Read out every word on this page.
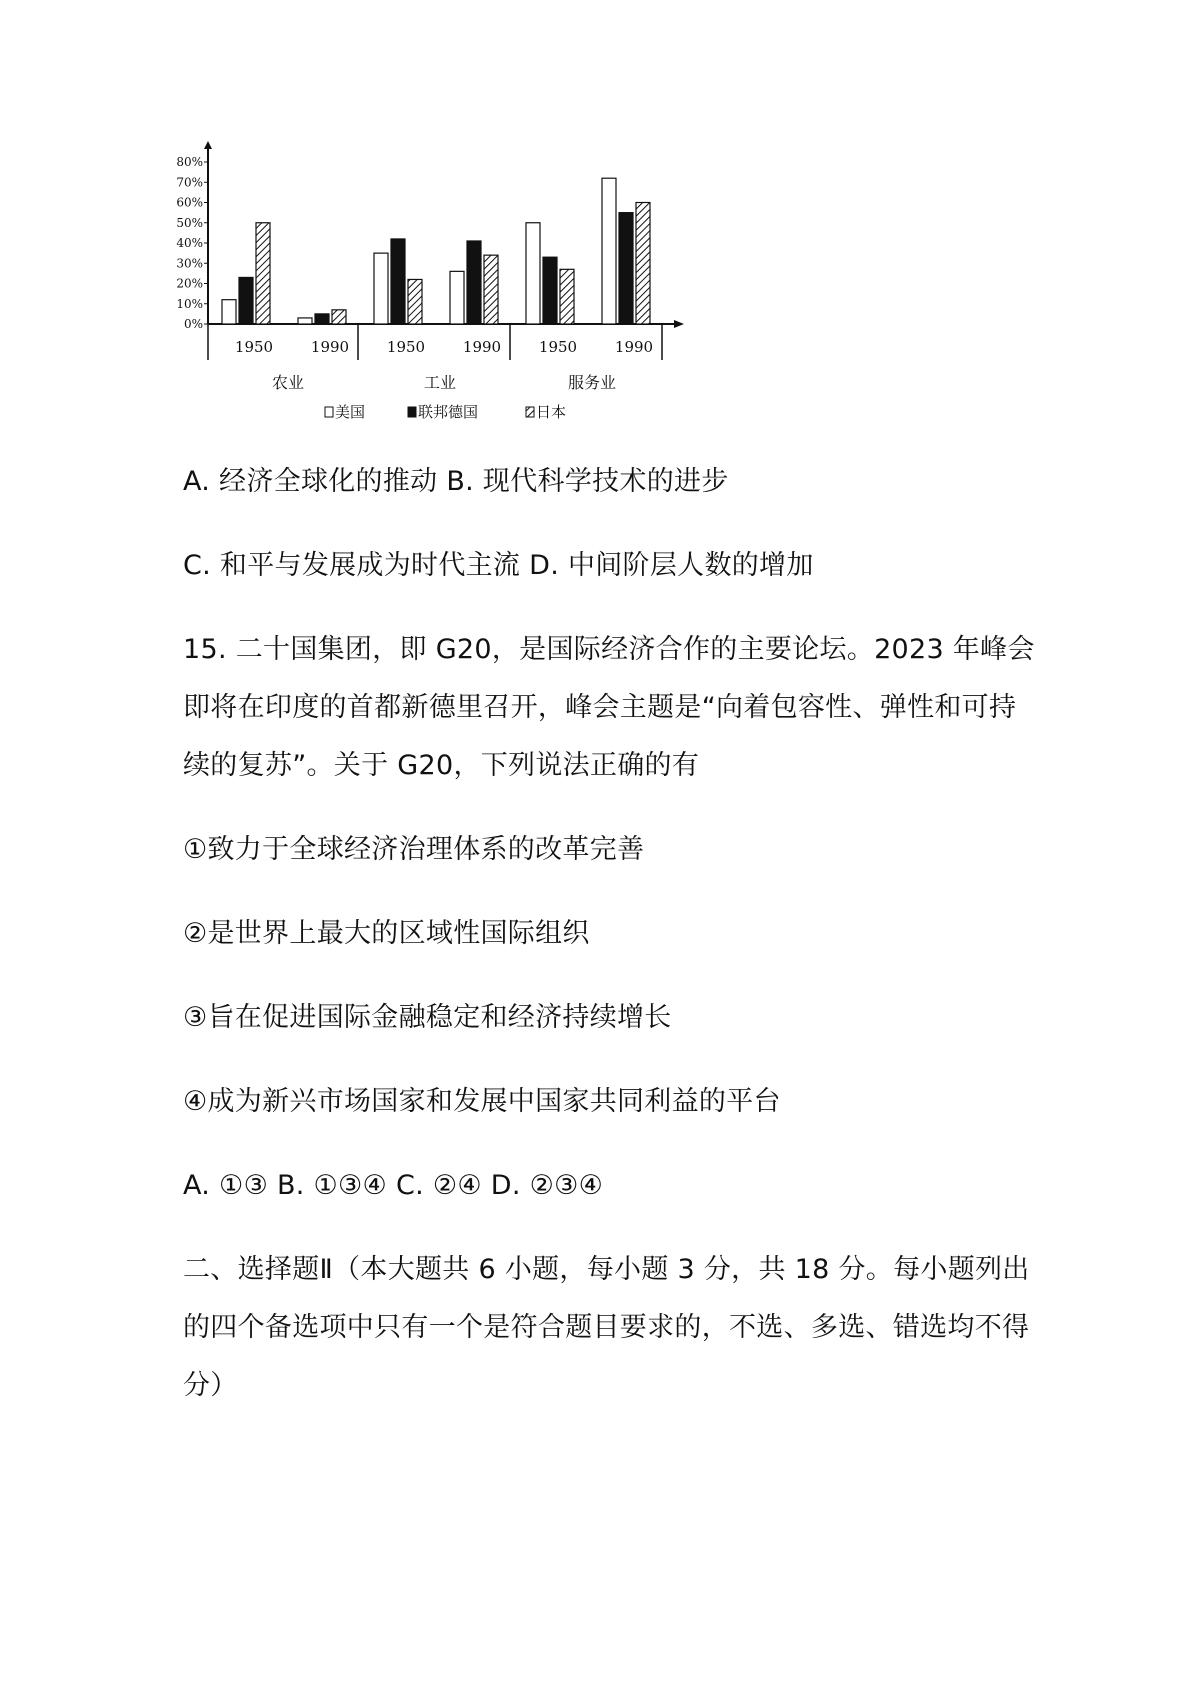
0%
10%
20%
30%
40%
50%
60%
70%
80%
1950	1990
农业
1950	1990
工业
1950	1990
服务业
美国	联邦德国	日本
A. 经济全球化的推动 B. 现代科学技术的进步
C. 和平与发展成为时代主流 D. 中间阶层人数的增加
15. 二十国集团，即 G20，是国际经济合作的主要论坛。2023 年峰会
即将在印度的首都新德里召开，峰会主题是“向着包容性、弹性和可持
续的复苏”。关于 G20，下列说法正确的有
①致力于全球经济治理体系的改革完善
②是世界上最大的区域性国际组织
③旨在促进国际金融稳定和经济持续增长
④成为新兴市场国家和发展中国家共同利益的平台
A. ①③ B. ①③④ C. ②④ D. ②③④
二、选择题Ⅱ（本大题共 6 小题，每小题 3 分，共 18 分。每小题列出
的四个备选项中只有一个是符合题目要求的，不选、多选、错选均不得
分）
